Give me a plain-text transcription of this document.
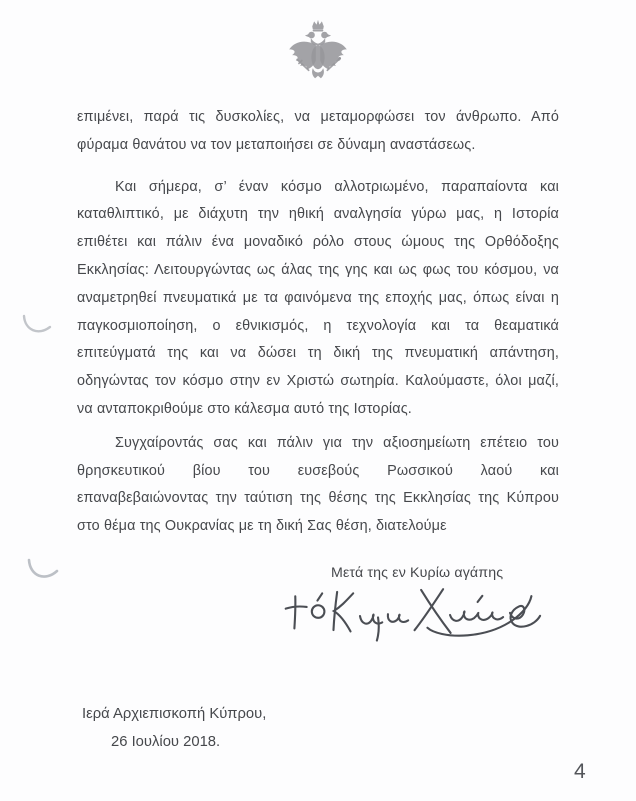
επιμένει, παρά τις δυσκολίες, να μεταμορφώσει τον άνθρωπο. Από
φύραμα θανάτου να τον μεταποιήσει σε δύναμη αναστάσεως.
Και σήμερα, σ’ έναν κόσμο αλλοτριωμένο, παραπαίοντα και
καταθλιπτικό, με διάχυτη την ηθική αναλγησία γύρω μας, η Ιστορία
επιθέτει και πάλιν ένα μοναδικό ρόλο στους ώμους της Ορθόδοξης
Εκκλησίας: Λειτουργώντας ως άλας της γης και ως φως του κόσμου, να
αναμετρηθεί πνευματικά με τα φαινόμενα της εποχής μας, όπως είναι η
παγκοσμιοποίηση, ο εθνικισμός, η τεχνολογία και τα θεαματικά
επιτεύγματά της και να δώσει τη δική της πνευματική απάντηση,
οδηγώντας τον κόσμο στην εν Χριστώ σωτηρία. Καλούμαστε, όλοι μαζί,
να ανταποκριθούμε στο κάλεσμα αυτό της Ιστορίας.
Συγχαίροντάς σας και πάλιν για την αξιοσημείωτη επέτειο του
θρησκευτικού βίου του ευσεβούς Ρωσσικού λαού και
επαναβεβαιώνοντας την ταύτιση της θέσης της Εκκλησίας της Κύπρου
στο θέμα της Ουκρανίας με τη δική Σας θέση, διατελούμε
Μετά της εν Κυρίω αγάπης
Ιερά Αρχιεπισκοπή Κύπρου,
26 Ιουλίου 2018.
4
